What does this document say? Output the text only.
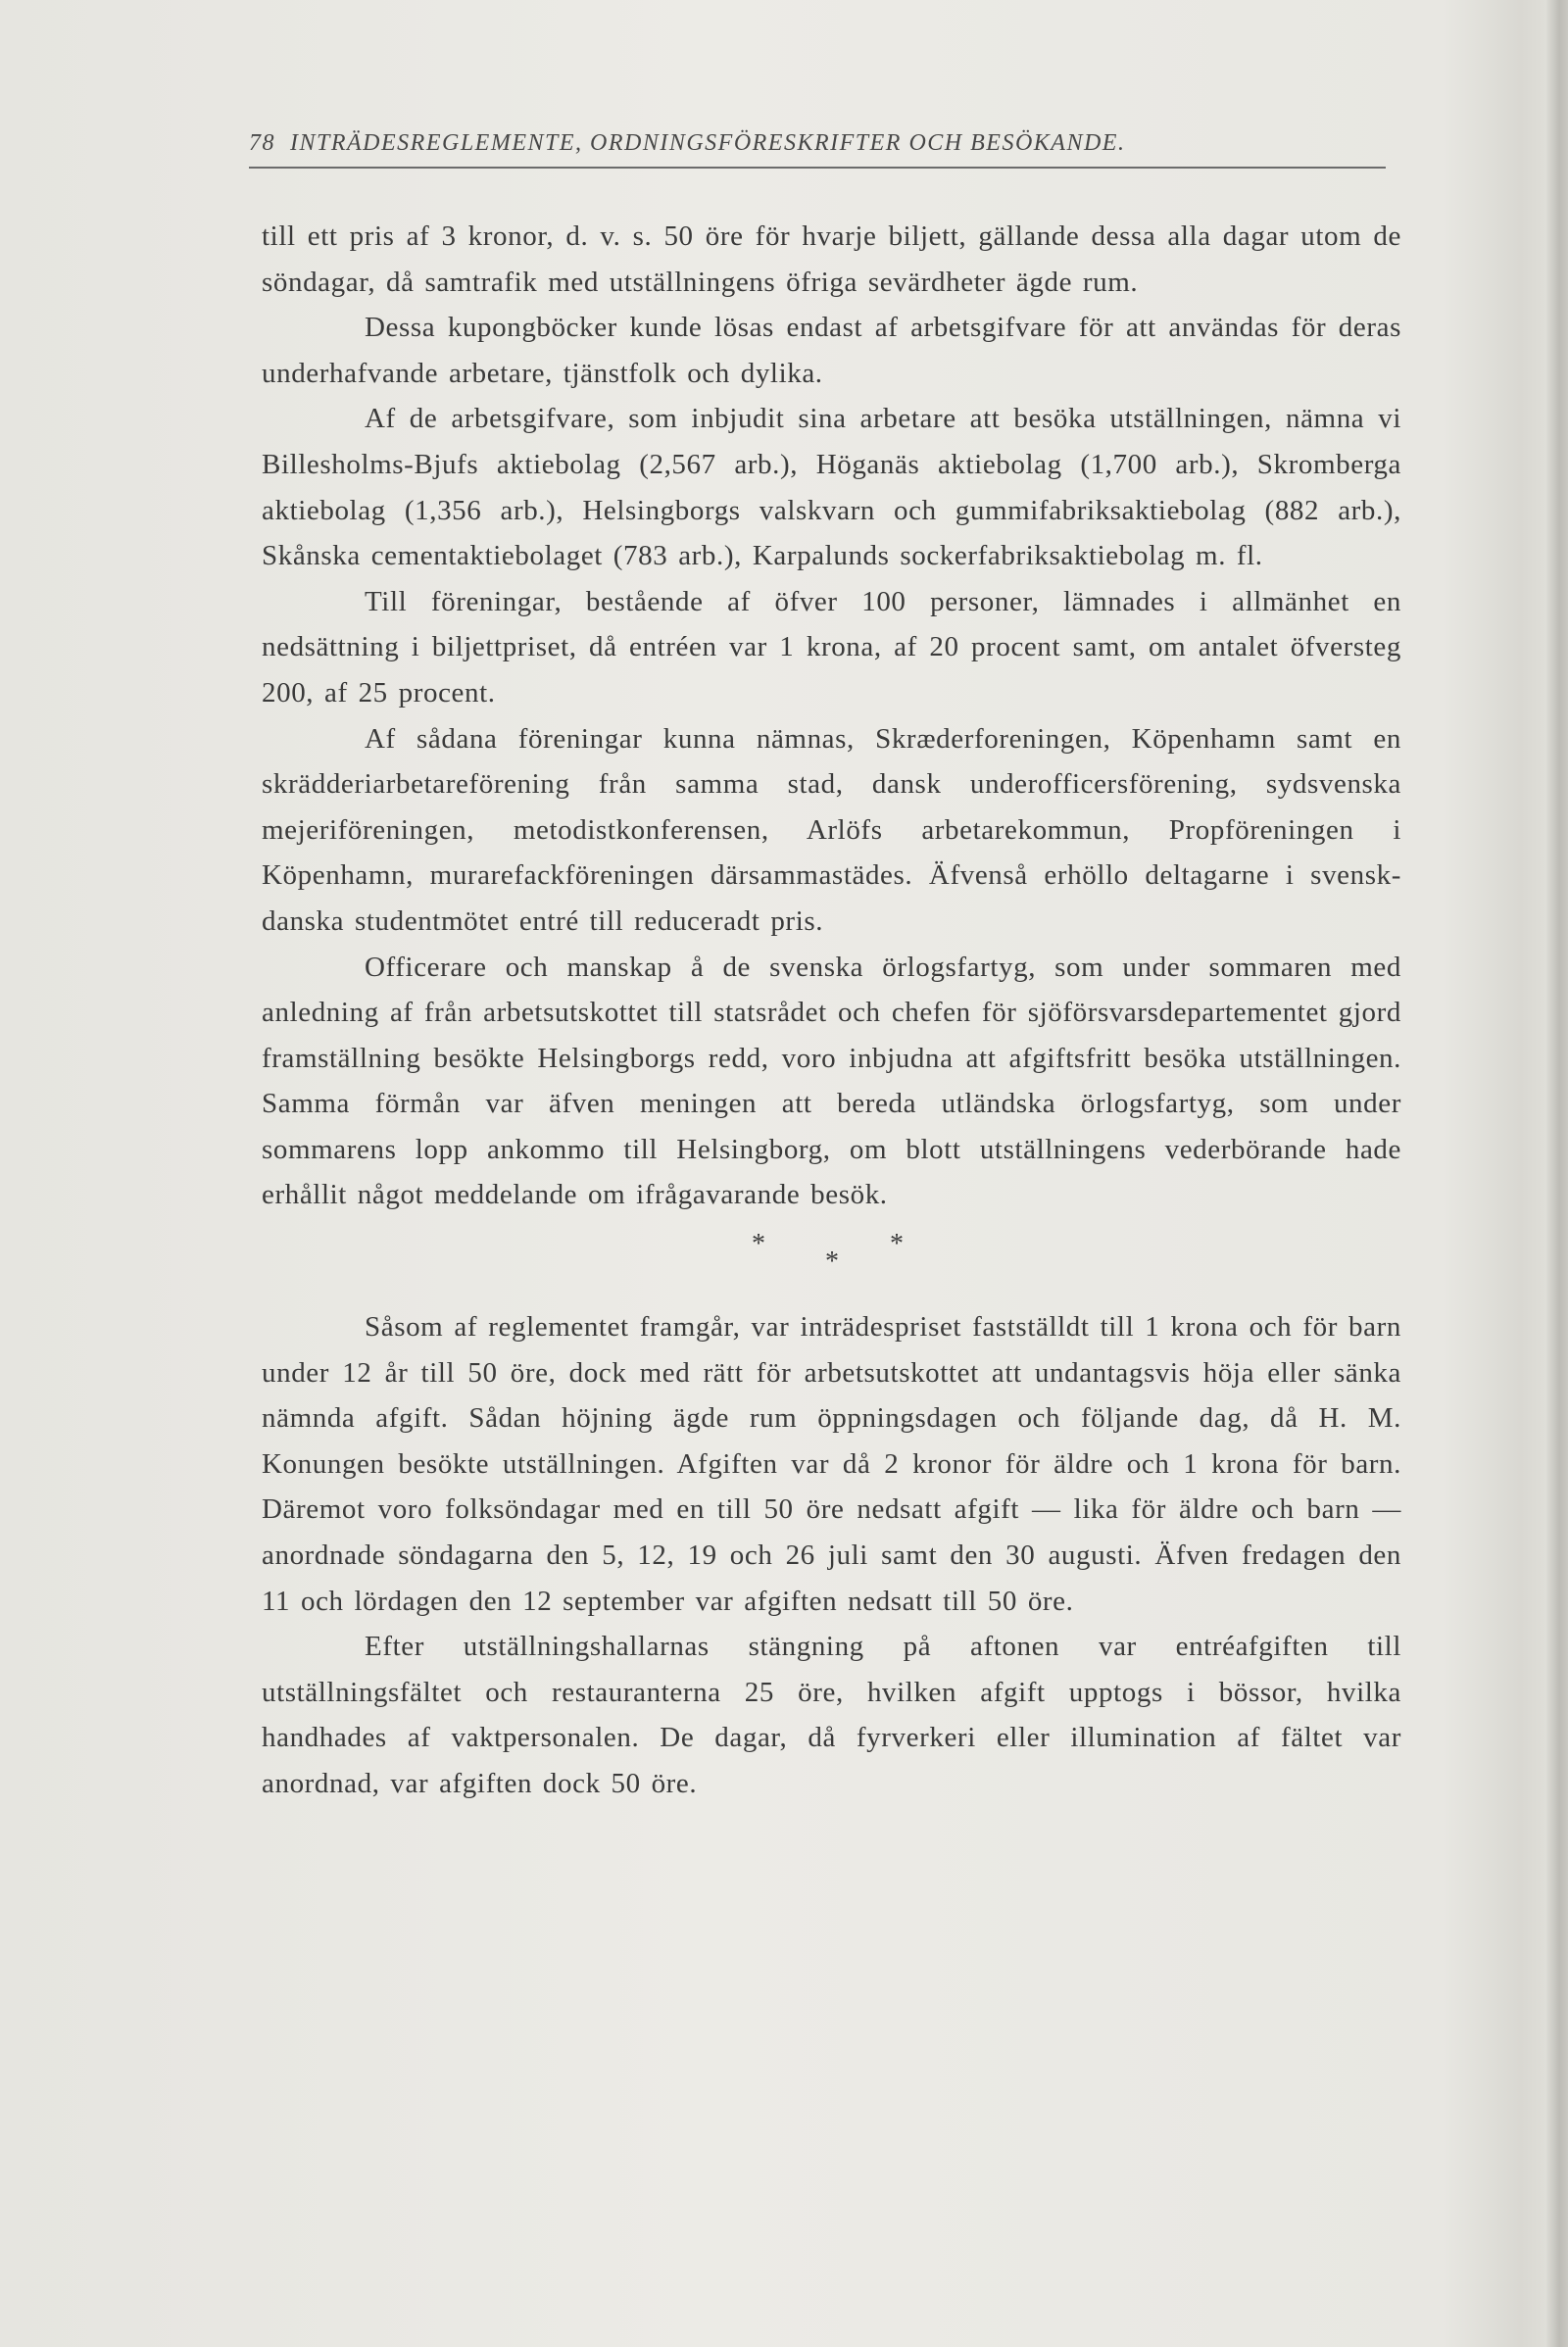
78 INTRÄDESREGLEMENTE, ORDNINGSFÖRESKRIFTER OCH BESÖKANDE.

till ett pris af 3 kronor, d. v. s. 50 öre för hvarje biljett, gällande dessa alla dagar utom de söndagar, då samtrafik med utställningens öfriga sevärdheter ägde rum.

Dessa kupongböcker kunde lösas endast af arbetsgifvare för att användas för deras underhafvande arbetare, tjänstfolk och dylika.

Af de arbetsgifvare, som inbjudit sina arbetare att besöka utställningen, nämna vi Billesholms-Bjufs aktiebolag (2,567 arb.), Höganäs aktiebolag (1,700 arb.), Skromberga aktiebolag (1,356 arb.), Helsingborgs valskvarn och gummifabriksaktiebolag (882 arb.), Skånska cementaktiebolaget (783 arb.), Karpalunds sockerfabriksaktiebolag m. fl.

Till föreningar, bestående af öfver 100 personer, lämnades i allmänhet en nedsättning i biljettpriset, då entréen var 1 krona, af 20 procent samt, om antalet öfversteg 200, af 25 procent.

Af sådana föreningar kunna nämnas, Skræderforeningen, Köpenhamn samt en skrädderiarbetareförening från samma stad, dansk underofficersförening, sydsvenska mejeriföreningen, metodistkonferensen, Arlöfs arbetarekommun, Propföreningen i Köpenhamn, murarefackföreningen därsammastädes. Äfvenså erhöllo deltagarne i svensk-danska studentmötet entré till reduceradt pris.

Officerare och manskap å de svenska örlogsfartyg, som under sommaren med anledning af från arbetsutskottet till statsrådet och chefen för sjöförsvarsdepartementet gjord framställning besökte Helsingborgs redd, voro inbjudna att afgiftsfritt besöka utställningen. Samma förmån var äfven meningen att bereda utländska örlogsfartyg, som under sommarens lopp ankommo till Helsingborg, om blott utställningens vederbörande hade erhållit något meddelande om ifrågavarande besök.

*
*
*

Såsom af reglementet framgår, var inträdespriset fastställdt till 1 krona och för barn under 12 år till 50 öre, dock med rätt för arbetsutskottet att undantagsvis höja eller sänka nämnda afgift. Sådan höjning ägde rum öppningsdagen och följande dag, då H. M. Konungen besökte utställningen. Afgiften var då 2 kronor för äldre och 1 krona för barn. Däremot voro folksöndagar med en till 50 öre nedsatt afgift — lika för äldre och barn — anordnade söndagarna den 5, 12, 19 och 26 juli samt den 30 augusti. Äfven fredagen den 11 och lördagen den 12 september var afgiften nedsatt till 50 öre.

Efter utställningshallarnas stängning på aftonen var entréafgiften till utställningsfältet och restauranterna 25 öre, hvilken afgift upptogs i bössor, hvilka handhades af vaktpersonalen. De dagar, då fyrverkeri eller illumination af fältet var anordnad, var afgiften dock 50 öre.
